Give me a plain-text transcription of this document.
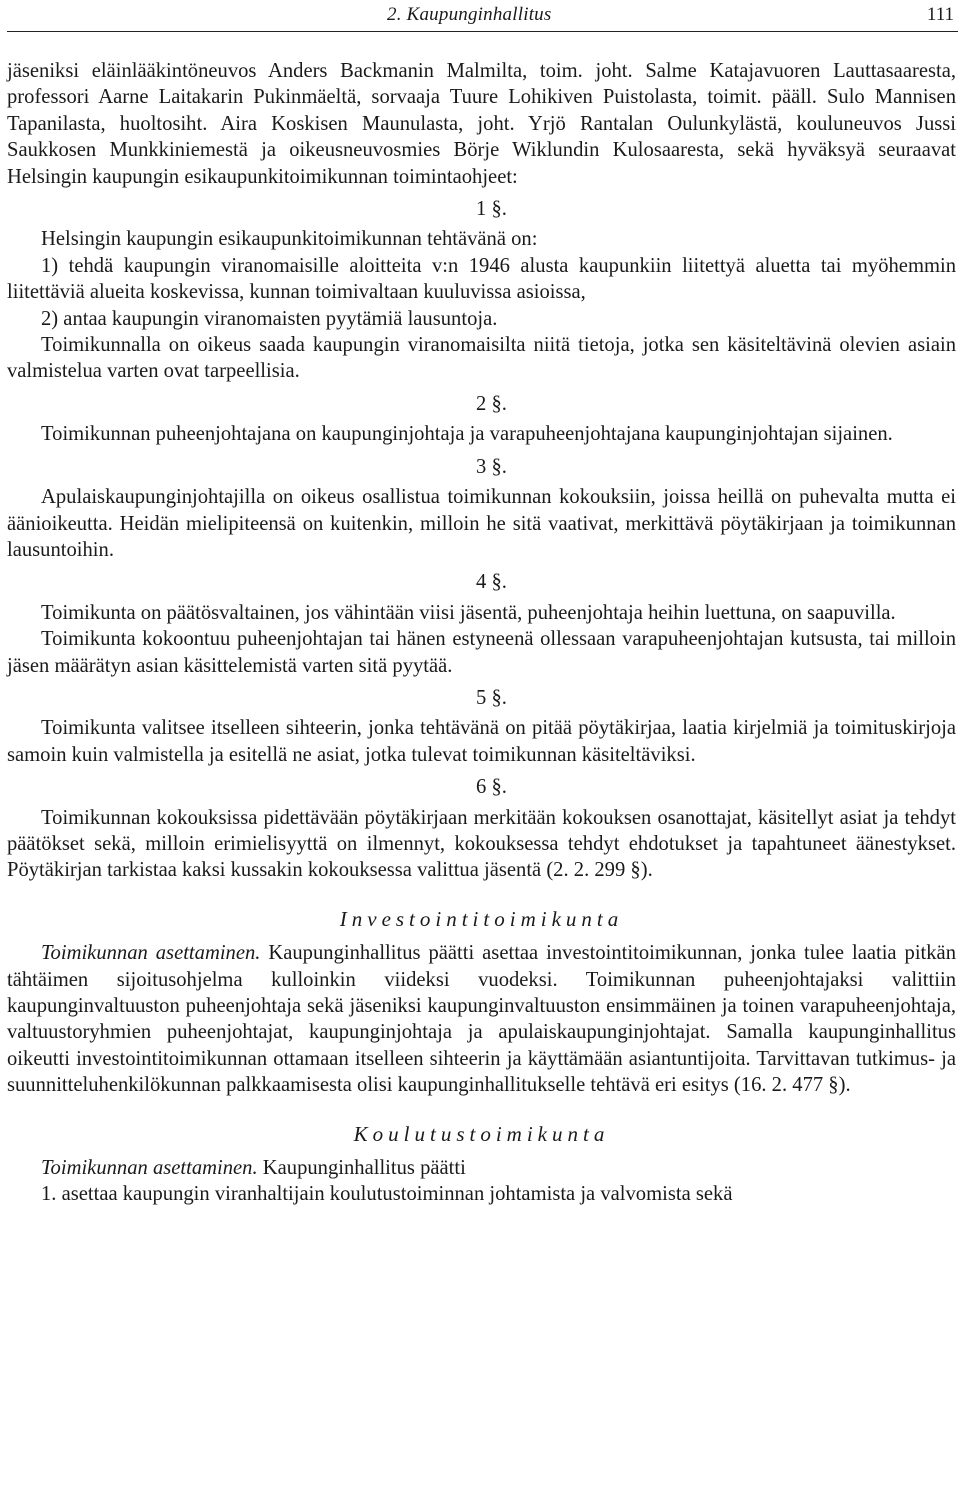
2. Kaupunginhallitus	111

jäseniksi eläinlääkintöneuvos Anders Backmanin Malmilta, toim. joht. Salme Katajavuoren Lauttasaaresta, professori Aarne Laitakarin Pukinmäeltä, sorvaaja Tuure Lohikiven Puistolasta, toimit. pääll. Sulo Mannisen Tapanilasta, huoltosiht. Aira Koskisen Maunulasta, joht. Yrjö Rantalan Oulunkylästä, kouluneuvos Jussi Saukkosen Munkkiniemestä ja oikeusneuvosmies Börje Wiklundin Kulosaaresta, sekä hyväksyä seuraavat Helsingin kaupungin esikaupunkitoimikunnan toimintaohjeet:

1 §.

Helsingin kaupungin esikaupunkitoimikunnan tehtävänä on:

1) tehdä kaupungin viranomaisille aloitteita v:n 1946 alusta kaupunkiin liitettyä aluetta tai myöhemmin liitettäviä alueita koskevissa, kunnan toimivaltaan kuuluvissa asioissa,

2) antaa kaupungin viranomaisten pyytämiä lausuntoja.

Toimikunnalla on oikeus saada kaupungin viranomaisilta niitä tietoja, jotka sen käsiteltävinä olevien asiain valmistelua varten ovat tarpeellisia.

2 §.

Toimikunnan puheenjohtajana on kaupunginjohtaja ja varapuheenjohtajana kaupunginjohtajan sijainen.

3 §.

Apulaiskaupunginjohtajilla on oikeus osallistua toimikunnan kokouksiin, joissa heillä on puhevalta mutta ei äänioikeutta. Heidän mielipiteensä on kuitenkin, milloin he sitä vaativat, merkittävä pöytäkirjaan ja toimikunnan lausuntoihin.

4 §.

Toimikunta on päätösvaltainen, jos vähintään viisi jäsentä, puheenjohtaja heihin luettuna, on saapuvilla.

Toimikunta kokoontuu puheenjohtajan tai hänen estyneenä ollessaan varapuheenjohtajan kutsusta, tai milloin jäsen määrätyn asian käsittelemistä varten sitä pyytää.

5 §.

Toimikunta valitsee itselleen sihteerin, jonka tehtävänä on pitää pöytäkirjaa, laatia kirjelmiä ja toimituskirjoja samoin kuin valmistella ja esitellä ne asiat, jotka tulevat toimikunnan käsiteltäviksi.

6 §.

Toimikunnan kokouksissa pidettävään pöytäkirjaan merkitään kokouksen osanottajat, käsitellyt asiat ja tehdyt päätökset sekä, milloin erimielisyyttä on ilmennyt, kokouksessa tehdyt ehdotukset ja tapahtuneet äänestykset. Pöytäkirjan tarkistaa kaksi kussakin kokouksessa valittua jäsentä (2. 2. 299 §).

Investointitoimikunta

Toimikunnan asettaminen. Kaupunginhallitus päätti asettaa investointitoimikunnan, jonka tulee laatia pitkän tähtäimen sijoitusohjelma kulloinkin viideksi vuodeksi. Toimikunnan puheenjohtajaksi valittiin kaupunginvaltuuston puheenjohtaja sekä jäseniksi kaupunginvaltuuston ensimmäinen ja toinen varapuheenjohtaja, valtuustoryhmien puheenjohtajat, kaupunginjohtaja ja apulaiskaupunginjohtajat. Samalla kaupunginhallitus oikeutti investointitoimikunnan ottamaan itselleen sihteerin ja käyttämään asiantuntijoita. Tarvittavan tutkimus- ja suunnitteluhenkilökunnan palkkaamisesta olisi kaupunginhallitukselle tehtävä eri esitys (16. 2. 477 §).

Koulutustoimikunta

Toimikunnan asettaminen. Kaupunginhallitus päätti

1. asettaa kaupungin viranhaltijain koulutustoiminnan johtamista ja valvomista sekä
